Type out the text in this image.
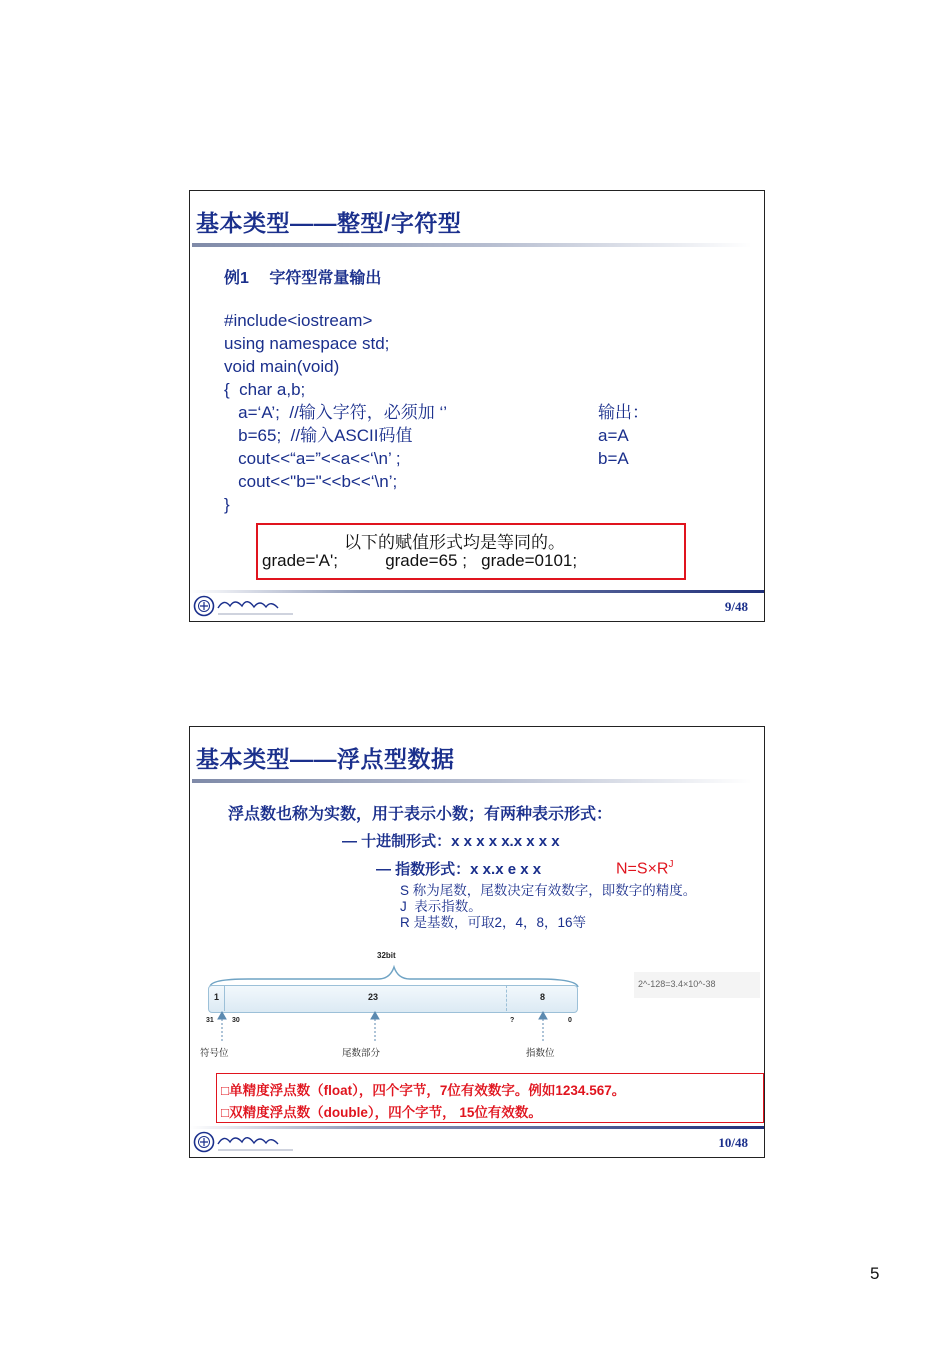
基本类型——整型/字符型
例1　 字符型常量输出
#include<iostream>
using namespace std;
void main(void)
{  char a,b;
a=‘A’;  //输入字符，必须加 ‘’
b=65;  //输入ASCII码值
cout<<“a=”<<a<<‘\n’ ;
cout<<"b="<<b<<‘\n’;
}
输出：
a=A
b=A
以下的赋值形式均是等同的。
grade='A';          grade=65 ;   grade=0101;
9/48
基本类型——浮点型数据
浮点数也称为实数，用于表示小数；有两种表示形式：
— 十进制形式：x x x x x.x x x x
— 指数形式：x x.x e x x	$N=S\times R^J$
S 称为尾数，尾数决定有效数字，即数字的精度。
J  表示指数。
R 是基数，可取2，4，8，16等
32bit
1	23	8
31	30	?	0
符号位	尾数部分	指数位
2^-128=3.4×10^-38
□单精度浮点数（float），四个字节，7位有效数字。例如1234.567。
□双精度浮点数（double），四个字节， 15位有效数。
10/48
5
